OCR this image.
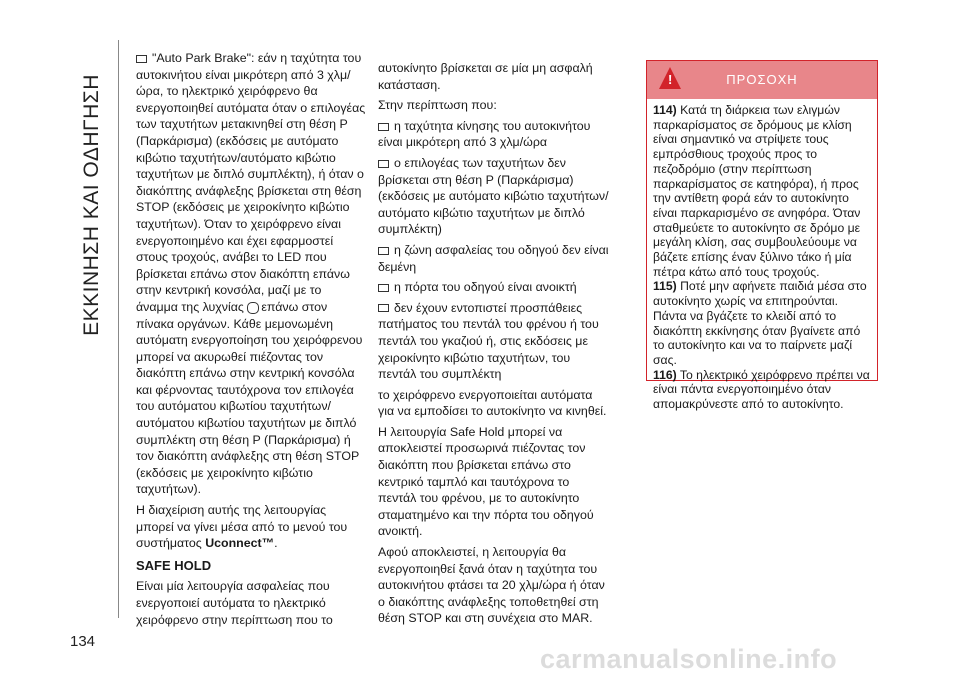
ΕΚΚΙΝΗΣΗ ΚΑΙ ΟΔΗΓΗΣΗ
134

"Auto Park Brake": εάν η ταχύτητα του αυτοκινήτου είναι μικρότερη από 3 χλμ/ώρα, το ηλεκτρικό χειρόφρενο θα ενεργοποιηθεί αυτόματα όταν ο επιλογέας των ταχυτήτων μετακινηθεί στη θέση P (Παρκάρισμα) (εκδόσεις με αυτόματο κιβώτιο ταχυτήτων/αυτόματο κιβώτιο ταχυτήτων με διπλό συμπλέκτη), ή όταν ο διακόπτης ανάφλεξης βρίσκεται στη θέση STOP (εκδόσεις με χειροκίνητο κιβώτιο ταχυτήτων). Όταν το χειρόφρενο είναι ενεργοποιημένο και έχει εφαρμοστεί στους τροχούς, ανάβει το LED που βρίσκεται επάνω στον διακόπτη επάνω στην κεντρική κονσόλα, μαζί με το άναμμα της λυχνίας επάνω στον πίνακα οργάνων. Κάθε μεμονωμένη αυτόματη ενεργοποίηση του χειρόφρενου μπορεί να ακυρωθεί πιέζοντας τον διακόπτη επάνω στην κεντρική κονσόλα και φέρνοντας ταυτόχρονα τον επιλογέα του αυτόματου κιβωτίου ταχυτήτων/αυτόματου κιβωτίου ταχυτήτων με διπλό συμπλέκτη στη θέση P (Παρκάρισμα) ή τον διακόπτη ανάφλεξης στη θέση STOP (εκδόσεις με χειροκίνητο κιβώτιο ταχυτήτων).

Η διαχείριση αυτής της λειτουργίας μπορεί να γίνει μέσα από το μενού του συστήματος Uconnect™.

SAFE HOLD

Είναι μία λειτουργία ασφαλείας που ενεργοποιεί αυτόματα το ηλεκτρικό χειρόφρενο στην περίπτωση που το

αυτοκίνητο βρίσκεται σε μία μη ασφαλή κατάσταση.

Στην περίπτωση που:

η ταχύτητα κίνησης του αυτοκινήτου είναι μικρότερη από 3 χλμ/ώρα

ο επιλογέας των ταχυτήτων δεν βρίσκεται στη θέση P (Παρκάρισμα) (εκδόσεις με αυτόματο κιβώτιο ταχυτήτων/αυτόματο κιβώτιο ταχυτήτων με διπλό συμπλέκτη)

η ζώνη ασφαλείας του οδηγού δεν είναι δεμένη

η πόρτα του οδηγού είναι ανοικτή

δεν έχουν εντοπιστεί προσπάθειες πατήματος του πεντάλ του φρένου ή του πεντάλ του γκαζιού ή, στις εκδόσεις με χειροκίνητο κιβώτιο ταχυτήτων, του πεντάλ του συμπλέκτη

το χειρόφρενο ενεργοποιείται αυτόματα για να εμποδίσει το αυτοκίνητο να κινηθεί.

Η λειτουργία Safe Hold μπορεί να αποκλειστεί προσωρινά πιέζοντας τον διακόπτη που βρίσκεται επάνω στο κεντρικό ταμπλό και ταυτόχρονα το πεντάλ του φρένου, με το αυτοκίνητο σταματημένο και την πόρτα του οδηγού ανοικτή.

Αφού αποκλειστεί, η λειτουργία θα ενεργοποιηθεί ξανά όταν η ταχύτητα του αυτοκινήτου φτάσει τα 20 χλμ/ώρα ή όταν ο διακόπτης ανάφλεξης τοποθετηθεί στη θέση STOP και στη συνέχεια στο MAR.

!	ΠΡΟΣΟΧΗ

114) Κατά τη διάρκεια των ελιγμών παρκαρίσματος σε δρόμους με κλίση είναι σημαντικό να στρίψετε τους εμπρόσθιους τροχούς προς το πεζοδρόμιο (στην περίπτωση παρκαρίσματος σε κατηφόρα), ή προς την αντίθετη φορά εάν το αυτοκίνητο είναι παρκαρισμένο σε ανηφόρα. Όταν σταθμεύετε το αυτοκίνητο σε δρόμο με μεγάλη κλίση, σας συμβουλεύουμε να βάζετε επίσης έναν ξύλινο τάκο ή μία πέτρα κάτω από τους τροχούς.

115) Ποτέ μην αφήνετε παιδιά μέσα στο αυτοκίνητο χωρίς να επιτηρούνται. Πάντα να βγάζετε το κλειδί από το διακόπτη εκκίνησης όταν βγαίνετε από το αυτοκίνητο και να το παίρνετε μαζί σας.

116) Το ηλεκτρικό χειρόφρενο πρέπει να είναι πάντα ενεργοποιημένο όταν απομακρύνεστε από το αυτοκίνητο.

carmanualsonline.info
